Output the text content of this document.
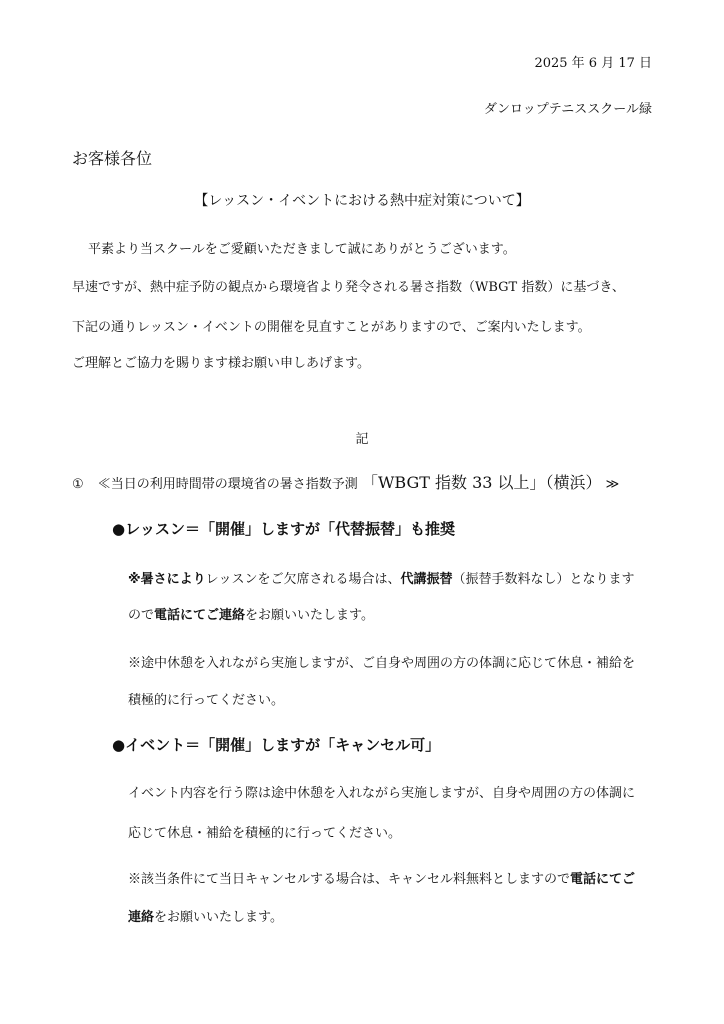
2025 年 6 月 17 日
ダンロップテニススクール緑
お客様各位
【レッスン・イベントにおける熱中症対策について】
平素より当スクールをご愛顧いただきまして誠にありがとうございます。
早速ですが、熱中症予防の観点から環境省より発令される暑さ指数（WBGT 指数）に基づき、
下記の通りレッスン・イベントの開催を見直すことがありますので、ご案内いたします。
ご理解とご協力を賜ります様お願い申しあげます。
記
① ≪当日の利用時間帯の環境省の暑さ指数予測 「WBGT 指数 33 以上」（横浜） ≫
●レッスン＝「開催」しますが「代替振替」も推奨
※暑さによりレッスンをご欠席される場合は、代講振替（振替手数料なし）となります
ので電話にてご連絡をお願いいたします。
※途中休憩を入れながら実施しますが、ご自身や周囲の方の体調に応じて休息・補給を
積極的に行ってください。
●イベント＝「開催」しますが「キャンセル可」
イベント内容を行う際は途中休憩を入れながら実施しますが、自身や周囲の方の体調に
応じて休息・補給を積極的に行ってください。
※該当条件にて当日キャンセルする場合は、キャンセル料無料としますので電話にてご
連絡をお願いいたします。
